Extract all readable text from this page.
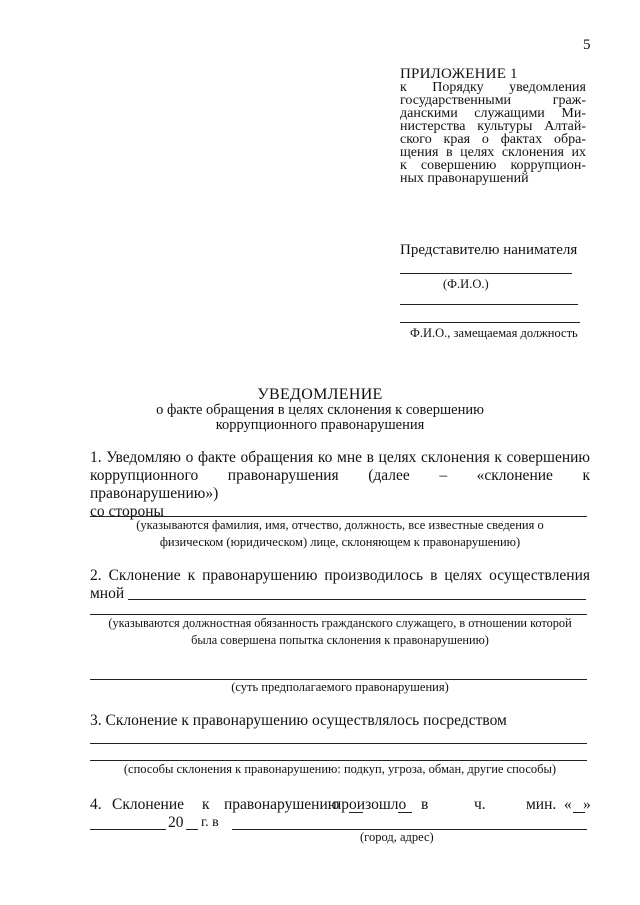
5
ПРИЛОЖЕНИЕ 1
к Порядку уведомления
государственными граж-
данскими служащими Ми-
нистерства культуры Алтай-
ского края о фактах обра-
щения в целях склонения их
к совершению коррупцион-
ных правонарушений
Представителю нанимателя
(Ф.И.О.)
Ф.И.О., замещаемая должность
УВЕДОМЛЕНИЕ
о факте обращения в целях склонения к совершению
коррупционного правонарушения
1. Уведомляю о факте обращения ко мне в целях склонения к совершению
коррупционного правонарушения (далее – «склонение к правонарушению»)
со стороны
(указываются фамилия, имя, отчество, должность, все известные сведения о
физическом (юридическом) лице, склоняющем к правонарушению)
2. Склонение к правонарушению производилось в целях осуществления
мной
(указываются должностная обязанность гражданского служащего, в отношении которой
была совершена попытка склонения к правонарушению)
(суть предполагаемого правонарушения)
3. Склонение к правонарушению осуществлялось посредством
(способы склонения к правонарушению: подкуп, угроза, обман, другие способы)
4. Склонение к правонарушению
произошло в	ч.	мин. « »
20 г. в
(город, адрес)
